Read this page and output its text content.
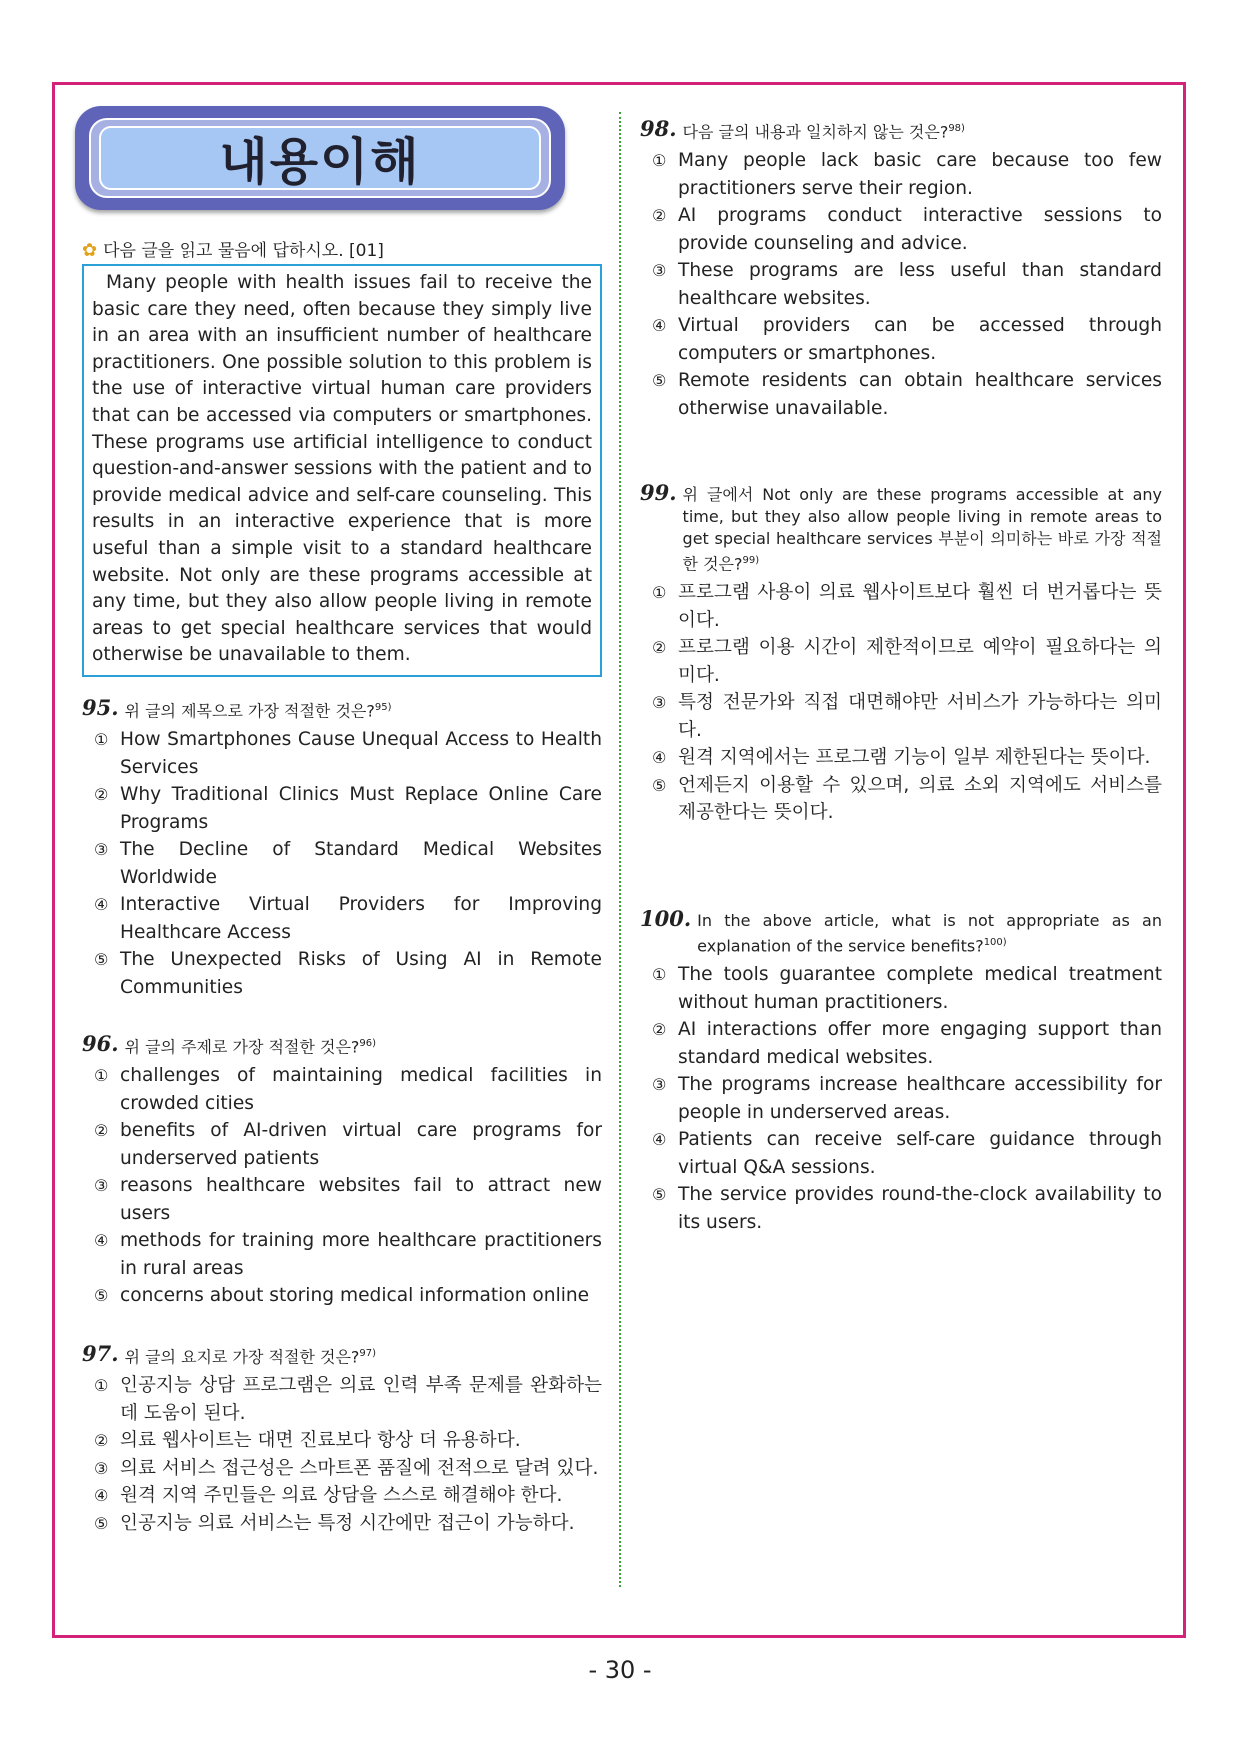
내용이해
✿ 다음 글을 읽고 물음에 답하시오. [01]
Many people with health issues fail to receive the basic care they need, often because they simply live in an area with an insufficient number of healthcare practitioners. One possible solution to this problem is the use of interactive virtual human care providers that can be accessed via computers or smartphones. These programs use artificial intelligence to conduct question-and-answer sessions with the patient and to provide medical advice and self-care counseling. This results in an interactive experience that is more useful than a simple visit to a standard healthcare website. Not only are these programs accessible at any time, but they also allow people living in remote areas to get special healthcare services that would otherwise be unavailable to them.
95. 위 글의 제목으로 가장 적절한 것은?$^{95)}$
① How Smartphones Cause Unequal Access to Health Services
② Why Traditional Clinics Must Replace Online Care Programs
③ The Decline of Standard Medical Websites Worldwide
④ Interactive Virtual Providers for Improving Healthcare Access
⑤ The Unexpected Risks of Using AI in Remote Communities
96. 위 글의 주제로 가장 적절한 것은?$^{96)}$
① challenges of maintaining medical facilities in crowded cities
② benefits of AI-driven virtual care programs for underserved patients
③ reasons healthcare websites fail to attract new users
④ methods for training more healthcare practitioners in rural areas
⑤ concerns about storing medical information online
97. 위 글의 요지로 가장 적절한 것은?$^{97)}$
① 인공지능 상담 프로그램은 의료 인력 부족 문제를 완화하는 데 도움이 된다.
② 의료 웹사이트는 대면 진료보다 항상 더 유용하다.
③ 의료 서비스 접근성은 스마트폰 품질에 전적으로 달려 있다.
④ 원격 지역 주민들은 의료 상담을 스스로 해결해야 한다.
⑤ 인공지능 의료 서비스는 특정 시간에만 접근이 가능하다.
98. 다음 글의 내용과 일치하지 않는 것은?$^{98)}$
① Many people lack basic care because too few practitioners serve their region.
② AI programs conduct interactive sessions to provide counseling and advice.
③ These programs are less useful than standard healthcare websites.
④ Virtual providers can be accessed through computers or smartphones.
⑤ Remote residents can obtain healthcare services otherwise unavailable.
99. 위 글에서 Not only are these programs accessible at any time, but they also allow people living in remote areas to get special healthcare services 부분이 의미하는 바로 가장 적절한 것은?$^{99)}$
① 프로그램 사용이 의료 웹사이트보다 훨씬 더 번거롭다는 뜻이다.
② 프로그램 이용 시간이 제한적이므로 예약이 필요하다는 의미다.
③ 특정 전문가와 직접 대면해야만 서비스가 가능하다는 의미다.
④ 원격 지역에서는 프로그램 기능이 일부 제한된다는 뜻이다.
⑤ 언제든지 이용할 수 있으며, 의료 소외 지역에도 서비스를 제공한다는 뜻이다.
100. In the above article, what is not appropriate as an explanation of the service benefits?$^{100)}$
① The tools guarantee complete medical treatment without human practitioners.
② AI interactions offer more engaging support than standard medical websites.
③ The programs increase healthcare accessibility for people in underserved areas.
④ Patients can receive self-care guidance through virtual Q&A sessions.
⑤ The service provides round-the-clock availability to its users.
- 30 -
